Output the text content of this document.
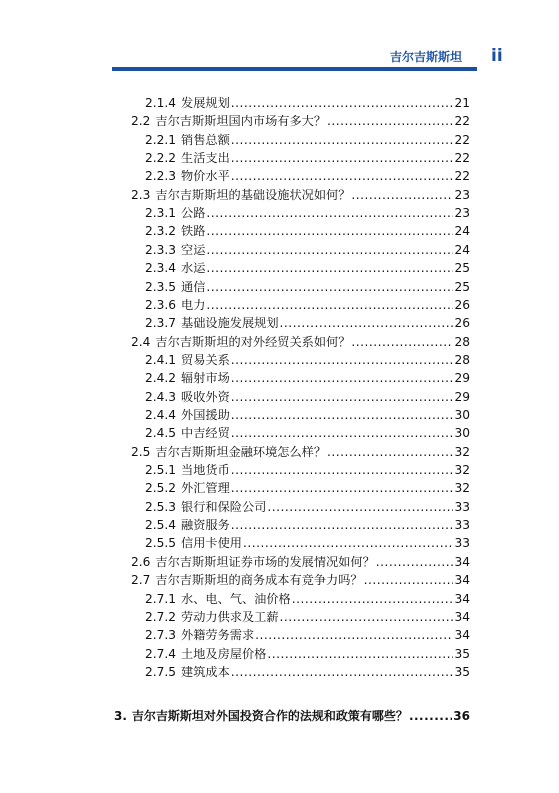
吉尔吉斯斯坦 ii
2.1.4 发展规划 .....	21
2.2 吉尔吉斯斯坦国内市场有多大？ .....	22
2.2.1 销售总额 .....	22
2.2.2 生活支出 .....	22
2.2.3 物价水平 .....	22
2.3 吉尔吉斯斯坦的基础设施状况如何？ .....	23
2.3.1 公路 .....	23
2.3.2 铁路 .....	24
2.3.3 空运 .....	24
2.3.4 水运 .....	25
2.3.5 通信 .....	25
2.3.6 电力 .....	26
2.3.7 基础设施发展规划 .....	26
2.4 吉尔吉斯斯坦的对外经贸关系如何？ .....	28
2.4.1 贸易关系 .....	28
2.4.2 辐射市场 .....	29
2.4.3 吸收外资 .....	29
2.4.4 外国援助 .....	30
2.4.5 中吉经贸 .....	30
2.5 吉尔吉斯斯坦金融环境怎么样？ .....	32
2.5.1 当地货币 .....	32
2.5.2 外汇管理 .....	32
2.5.3 银行和保险公司 .....	33
2.5.4 融资服务 .....	33
2.5.5 信用卡使用 .....	33
2.6 吉尔吉斯斯坦证券市场的发展情况如何？ .....	34
2.7 吉尔吉斯斯坦的商务成本有竞争力吗？ .....	34
2.7.1 水、电、气、油价格 .....	34
2.7.2 劳动力供求及工薪 .....	34
2.7.3 外籍劳务需求 .....	34
2.7.4 土地及房屋价格 .....	35
2.7.5 建筑成本 .....	35
3. 吉尔吉斯斯坦对外国投资合作的法规和政策有哪些？ .....	36
